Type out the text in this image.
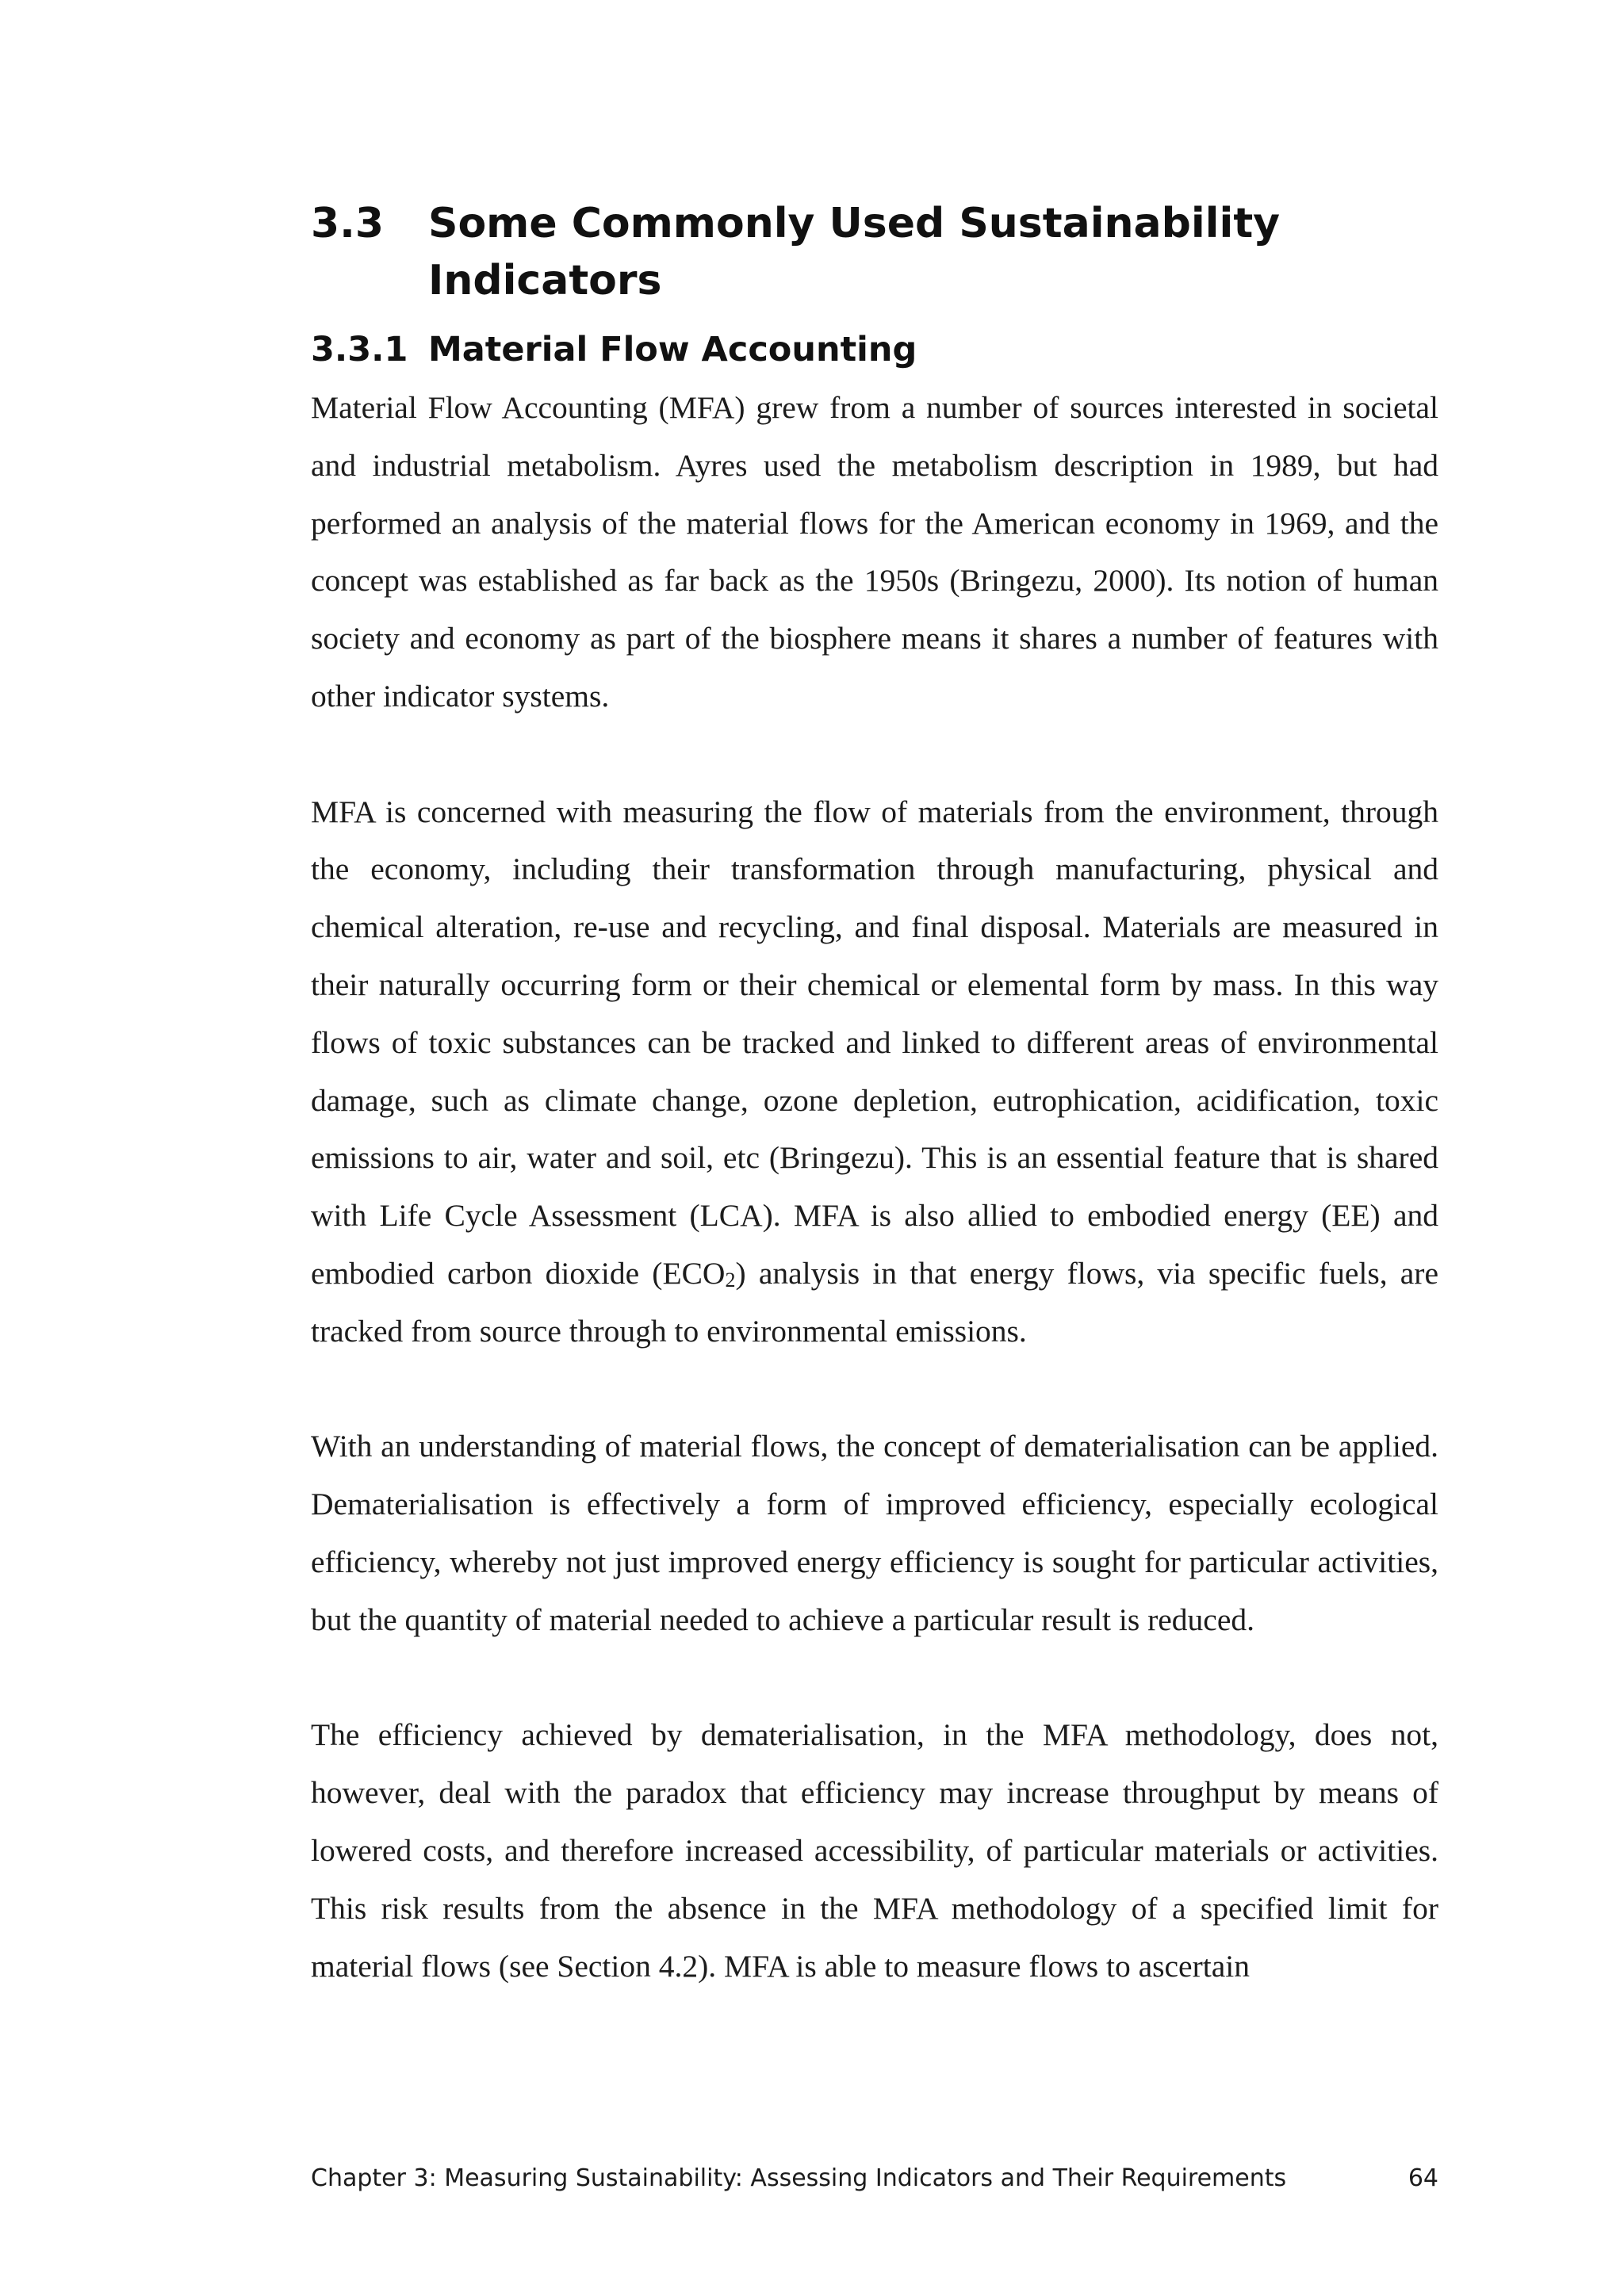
3.3	Some Commonly Used Sustainability Indicators
3.3.1 Material Flow Accounting

Material Flow Accounting (MFA) grew from a number of sources interested in societal and industrial metabolism. Ayres used the metabolism description in 1989, but had performed an analysis of the material flows for the American economy in 1969, and the concept was established as far back as the 1950s (Bringezu, 2000). Its notion of human society and economy as part of the biosphere means it shares a number of features with other indicator systems.

MFA is concerned with measuring the flow of materials from the environment, through the economy, including their transformation through manufacturing, physical and chemical alteration, re-use and recycling, and final disposal. Materials are measured in their naturally occurring form or their chemical or elemental form by mass. In this way flows of toxic substances can be tracked and linked to different areas of environmental damage, such as climate change, ozone depletion, eutrophication, acidification, toxic emissions to air, water and soil, etc (Bringezu). This is an essential feature that is shared with Life Cycle Assessment (LCA). MFA is also allied to embodied energy (EE) and embodied carbon dioxide $(ECO_2)$ analysis in that energy flows, via specific fuels, are tracked from source through to environmental emissions.

With an understanding of material flows, the concept of dematerialisation can be applied. Dematerialisation is effectively a form of improved efficiency, especially ecological efficiency, whereby not just improved energy efficiency is sought for particular activities, but the quantity of material needed to achieve a particular result is reduced.

The efficiency achieved by dematerialisation, in the MFA methodology, does not, however, deal with the paradox that efficiency may increase throughput by means of lowered costs, and therefore increased accessibility, of particular materials or activities. This risk results from the absence in the MFA methodology of a specified limit for material flows (see Section 4.2). MFA is able to measure flows to ascertain

Chapter 3: Measuring Sustainability: Assessing Indicators and Their Requirements	64
